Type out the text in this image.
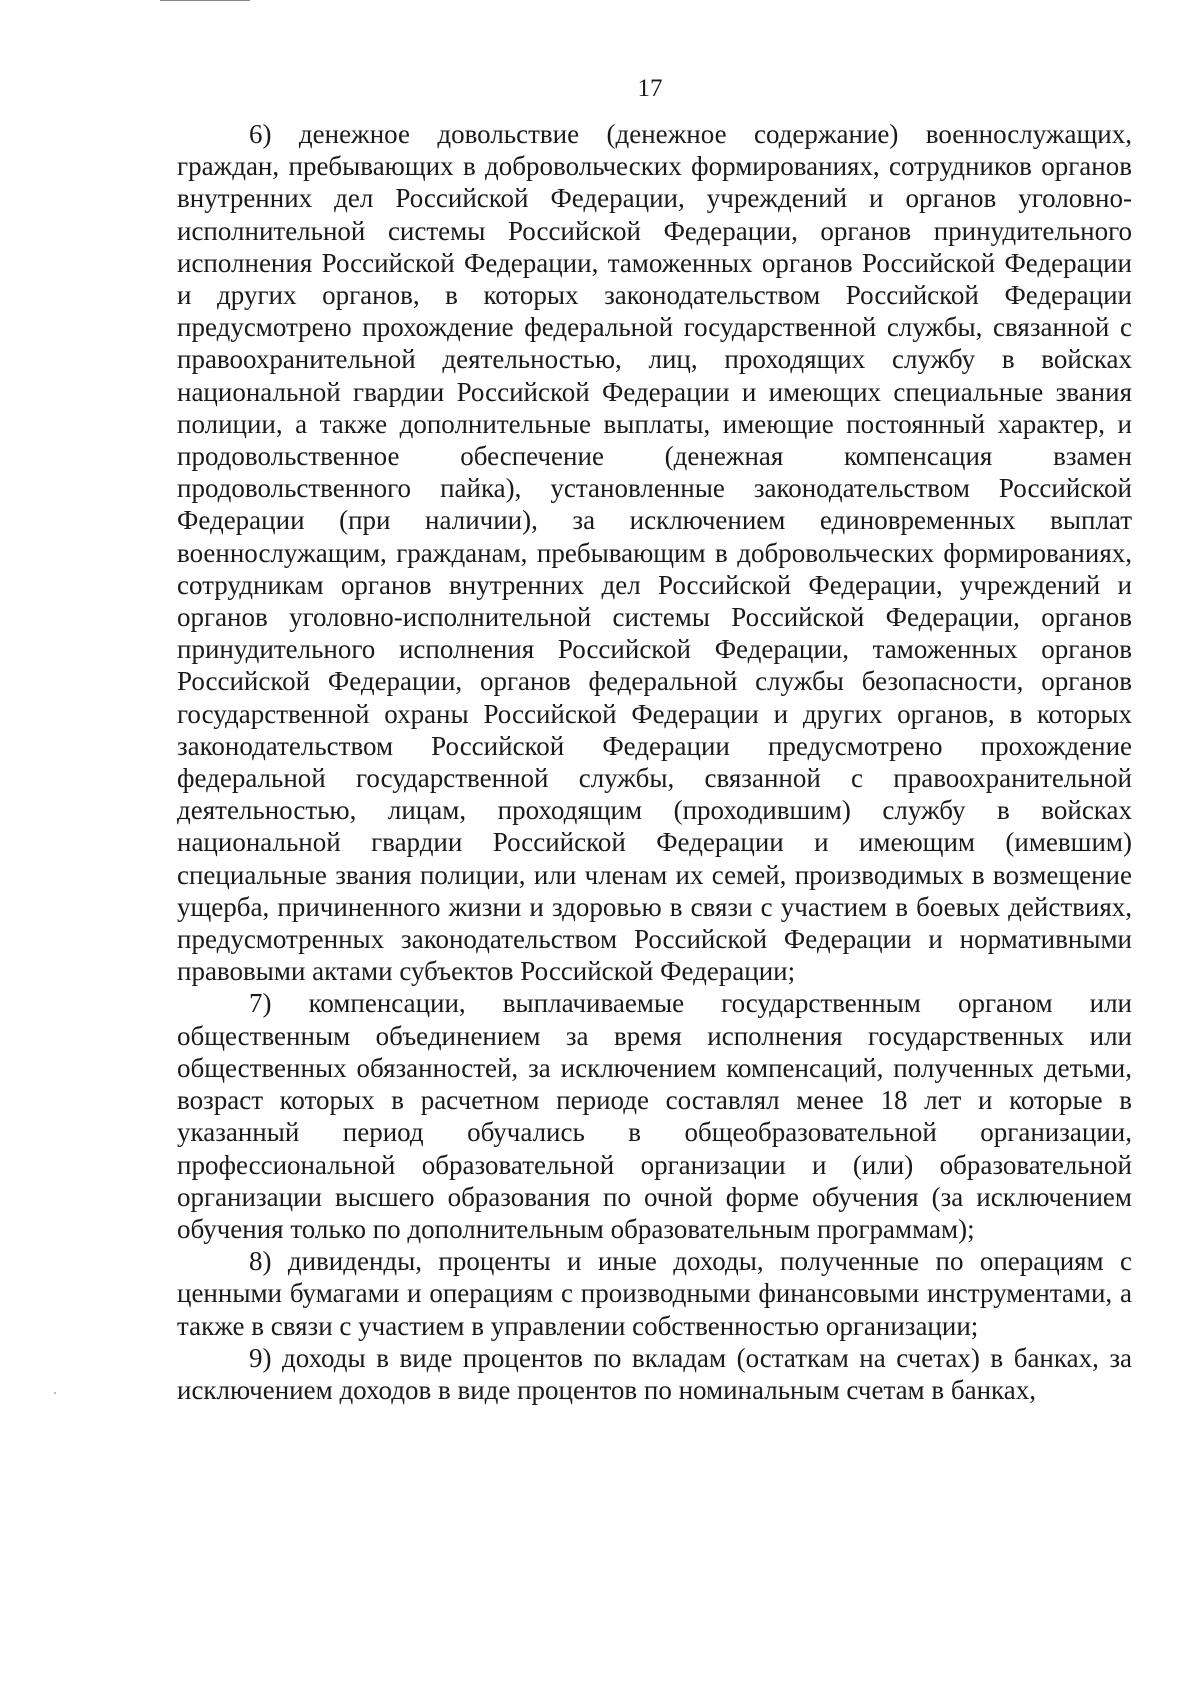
17

6) денежное довольствие (денежное содержание) военнослужащих, граждан, пребывающих в добровольческих формированиях, сотрудников органов внутренних дел Российской Федерации, учреждений и органов уголовно-исполнительной системы Российской Федерации, органов принудительного исполнения Российской Федерации, таможенных органов Российской Федерации и других органов, в которых законодательством Российской Федерации предусмотрено прохождение федеральной государственной службы, связанной с правоохранительной деятельностью, лиц, проходящих службу в войсках национальной гвардии Российской Федерации и имеющих специальные звания полиции, а также дополнительные выплаты, имеющие постоянный характер, и продовольственное обеспечение (денежная компенсация взамен продовольственного пайка), установленные законодательством Российской Федерации (при наличии), за исключением единовременных выплат военнослужащим, гражданам, пребывающим в добровольческих формированиях, сотрудникам органов внутренних дел Российской Федерации, учреждений и органов уголовно-исполнительной системы Российской Федерации, органов принудительного исполнения Российской Федерации, таможенных органов Российской Федерации, органов федеральной службы безопасности, органов государственной охраны Российской Федерации и других органов, в которых законодательством Российской Федерации предусмотрено прохождение федеральной государственной службы, связанной с правоохранительной деятельностью, лицам, проходящим (проходившим) службу в войсках национальной гвардии Российской Федерации и имеющим (имевшим) специальные звания полиции, или членам их семей, производимых в возмещение ущерба, причиненного жизни и здоровью в связи с участием в боевых действиях, предусмотренных законодательством Российской Федерации и нормативными правовыми актами субъектов Российской Федерации;

7) компенсации, выплачиваемые государственным органом или общественным объединением за время исполнения государственных или общественных обязанностей, за исключением компенсаций, полученных детьми, возраст которых в расчетном периоде составлял менее 18 лет и которые в указанный период обучались в общеобразовательной организации, профессиональной образовательной организации и (или) образовательной организации высшего образования по очной форме обучения (за исключением обучения только по дополнительным образовательным программам);

8) дивиденды, проценты и иные доходы, полученные по операциям с ценными бумагами и операциям с производными финансовыми инструментами, а также в связи с участием в управлении собственностью организации;

9) доходы в виде процентов по вкладам (остаткам на счетах) в банках, за исключением доходов в виде процентов по номинальным счетам в банках,
